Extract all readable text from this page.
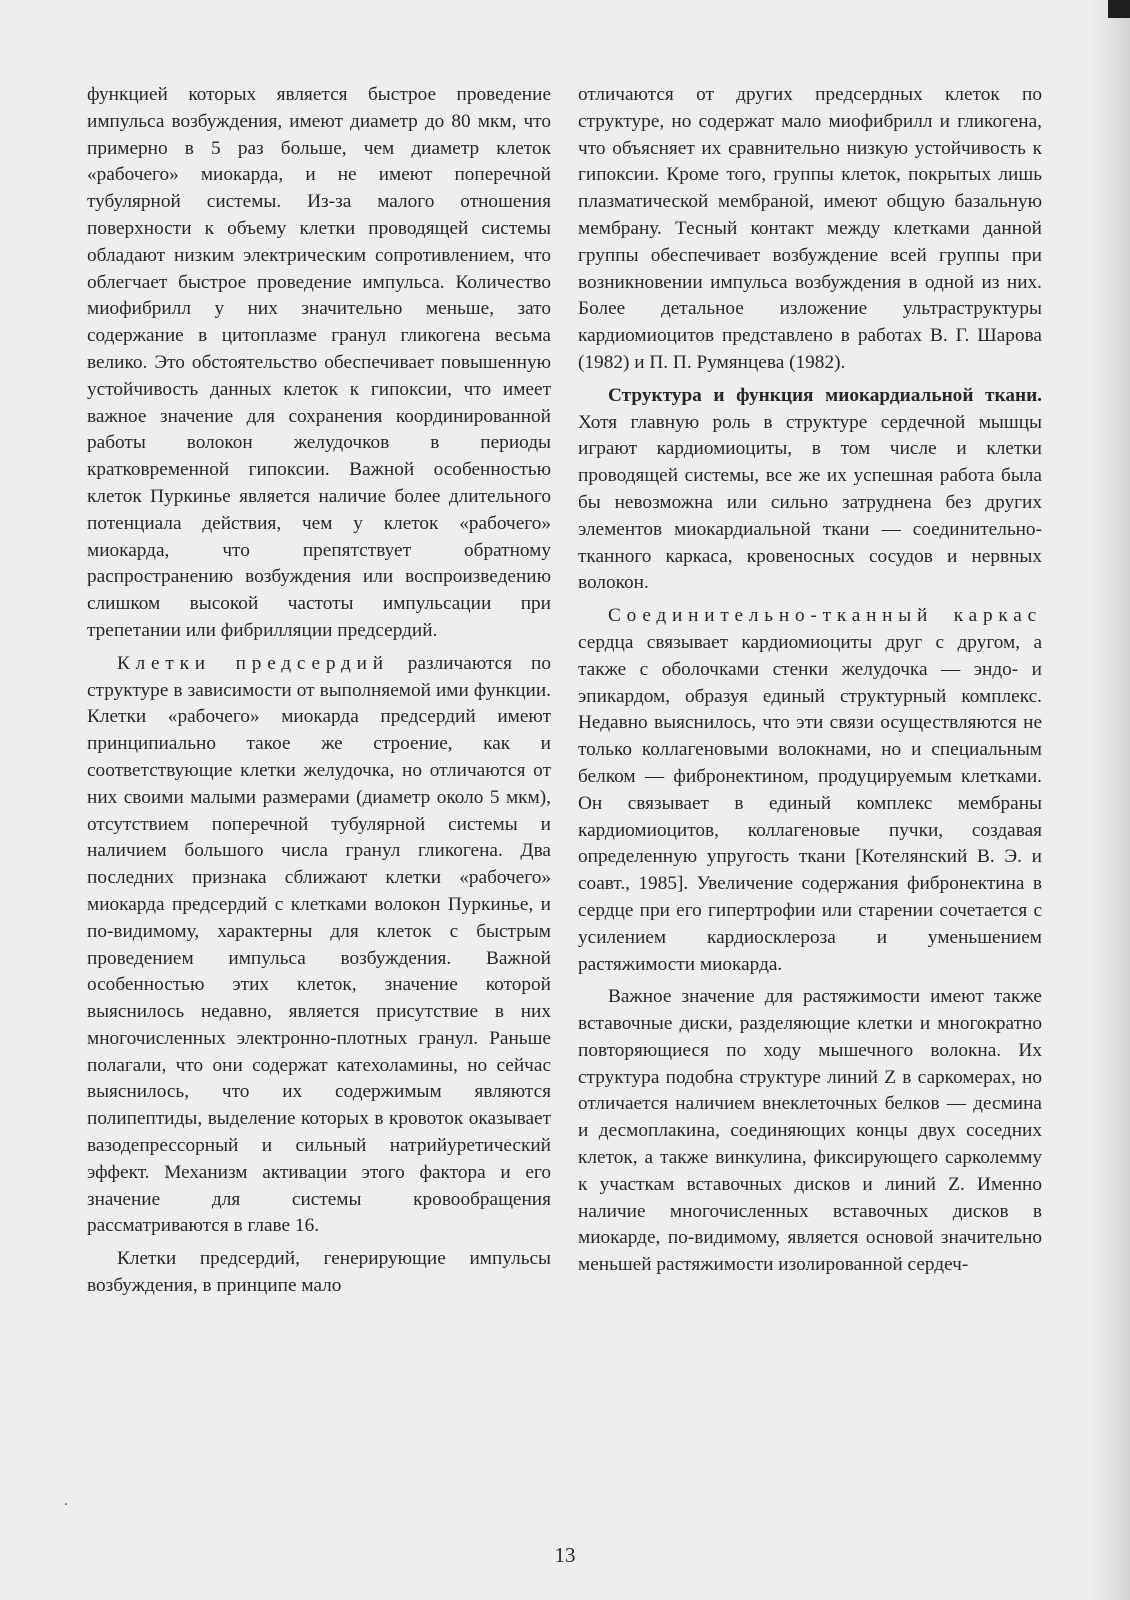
функцией которых является быстрое проведение импульса возбуждения, имеют диаметр до 80 мкм, что примерно в 5 раз больше, чем диаметр клеток «рабочего» миокарда, и не имеют поперечной тубулярной системы. Из-за малого отношения поверхности к объему клетки проводящей системы обладают низким электрическим сопротивлением, что облегчает быстрое проведение импульса. Количество миофибрилл у них значительно меньше, зато содержание в цитоплазме гранул гликогена весьма велико. Это обстоятельство обеспечивает повышенную устойчивость данных клеток к гипоксии, что имеет важное значение для сохранения координированной работы волокон желудочков в периоды кратковременной гипоксии. Важной особенностью клеток Пуркинье является наличие более длительного потенциала действия, чем у клеток «рабочего» миокарда, что препятствует обратному распространению возбуждения или воспроизведению слишком высокой частоты импульсации при трепетании или фибрилляции предсердий.

Клетки предсердий различаются по структуре в зависимости от выполняемой ими функции. Клетки «рабочего» миокарда предсердий имеют принципиально такое же строение, как и соответствующие клетки желудочка, но отличаются от них своими малыми размерами (диаметр около 5 мкм), отсутствием поперечной тубулярной системы и наличием большого числа гранул гликогена. Два последних признака сближают клетки «рабочего» миокарда предсердий с клетками волокон Пуркинье, и по-видимому, характерны для клеток с быстрым проведением импульса возбуждения. Важной особенностью этих клеток, значение которой выяснилось недавно, является присутствие в них многочисленных электронно-плотных гранул. Раньше полагали, что они содержат катехоламины, но сейчас выяснилось, что их содержимым являются полипептиды, выделение которых в кровоток оказывает вазодепрессорный и сильный натрийуретический эффект. Механизм активации этого фактора и его значение для системы кровообращения рассматриваются в главе 16.

Клетки предсердий, генерирующие импульсы возбуждения, в принципе мало

отличаются от других предсердных клеток по структуре, но содержат мало миофибрилл и гликогена, что объясняет их сравнительно низкую устойчивость к гипоксии. Кроме того, группы клеток, покрытых лишь плазматической мембраной, имеют общую базальную мембрану. Тесный контакт между клетками данной группы обеспечивает возбуждение всей группы при возникновении импульса возбуждения в одной из них. Более детальное изложение ультраструктуры кардиомиоцитов представлено в работах В. Г. Шарова (1982) и П. П. Румянцева (1982).

Структура и функция миокардиальной ткани. Хотя главную роль в структуре сердечной мышцы играют кардиомиоциты, в том числе и клетки проводящей системы, все же их успешная работа была бы невозможна или сильно затруднена без других элементов миокардиальной ткани — соединительно-тканного каркаса, кровеносных сосудов и нервных волокон.

Соединительно-тканный каркас сердца связывает кардиомиоциты друг с другом, а также с оболочками стенки желудочка — эндо- и эпикардом, образуя единый структурный комплекс. Недавно выяснилось, что эти связи осуществляются не только коллагеновыми волокнами, но и специальным белком — фибронектином, продуцируемым клетками. Он связывает в единый комплекс мембраны кардиомиоцитов, коллагеновые пучки, создавая определенную упругость ткани [Котелянский В. Э. и соавт., 1985]. Увеличение содержания фибронектина в сердце при его гипертрофии или старении сочетается с усилением кардиосклероза и уменьшением растяжимости миокарда.

Важное значение для растяжимости имеют также вставочные диски, разделяющие клетки и многократно повторяющиеся по ходу мышечного волокна. Их структура подобна структуре линий Z в саркомерах, но отличается наличием внеклеточных белков — десмина и десмоплакина, соединяющих концы двух соседних клеток, а также винкулина, фиксирующего сарколемму к участкам вставочных дисков и линий Z. Именно наличие многочисленных вставочных дисков в миокарде, по-видимому, является основой значительно меньшей растяжимости изолированной сердеч-

.
13
